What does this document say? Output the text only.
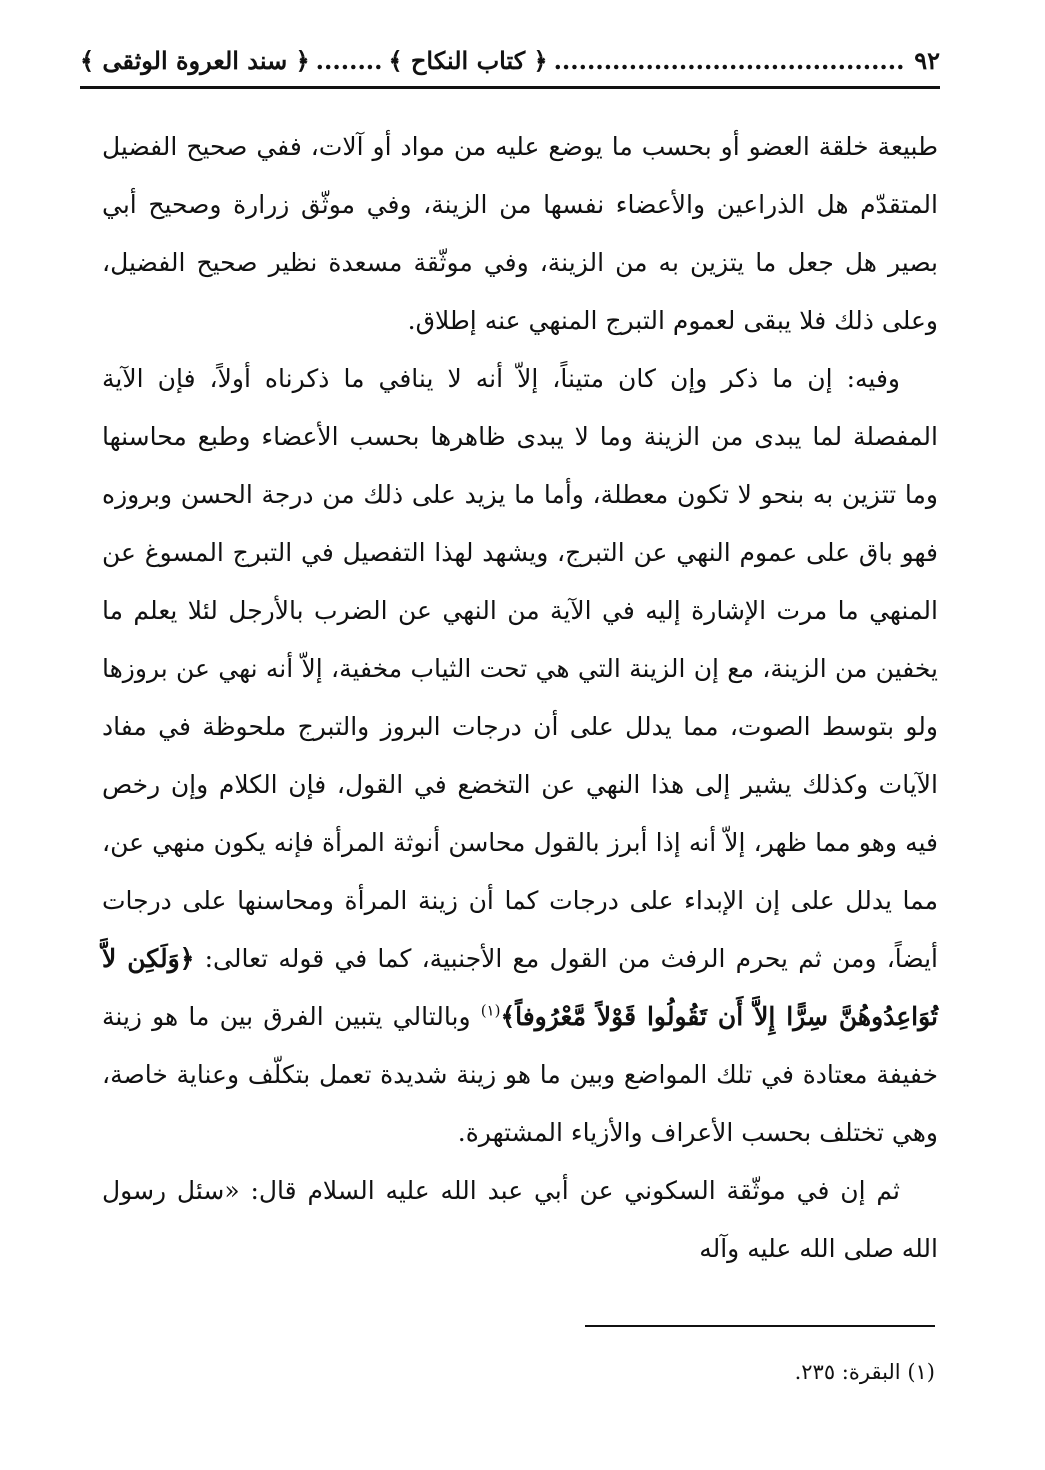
٩٢
..........................................
﴿ كتاب النكاح ﴾
........
﴿ سند العروة الوثقى ﴾

طبيعة خلقة العضو أو بحسب ما يوضع عليه من مواد أو آلات، ففي صحيح الفضيل المتقدّم هل الذراعين والأعضاء نفسها من الزينة، وفي موثّق زرارة وصحيح أبي بصير هل جعل ما يتزين به من الزينة، وفي موثّقة مسعدة نظير صحيح الفضيل، وعلى ذلك فلا يبقى لعموم التبرج المنهي عنه إطلاق.

وفيه: إن ما ذكر وإن كان متيناً، إلاّ أنه لا ينافي ما ذكرناه أولاً، فإن الآية المفصلة لما يبدى من الزينة وما لا يبدى ظاهرها بحسب الأعضاء وطبع محاسنها وما تتزين به بنحو لا تكون معطلة، وأما ما يزيد على ذلك من درجة الحسن وبروزه فهو باق على عموم النهي عن التبرج، ويشهد لهذا التفصيل في التبرج المسوغ عن المنهي ما مرت الإشارة إليه في الآية من النهي عن الضرب بالأرجل لئلا يعلم ما يخفين من الزينة، مع إن الزينة التي هي تحت الثياب مخفية، إلاّ أنه نهي عن بروزها ولو بتوسط الصوت، مما يدلل على أن درجات البروز والتبرج ملحوظة في مفاد الآيات وكذلك يشير إلى هذا النهي عن التخضع في القول، فإن الكلام وإن رخص فيه وهو مما ظهر، إلاّ أنه إذا أبرز بالقول محاسن أنوثة المرأة فإنه يكون منهي عن، مما يدلل على إن الإبداء على درجات كما أن زينة المرأة ومحاسنها على درجات أيضاً، ومن ثم يحرم الرفث من القول مع الأجنبية، كما في قوله تعالى: ﴿وَلَكِن لاَّ تُوَاعِدُوهُنَّ سِرًّا إِلاَّ أَن تَقُولُوا قَوْلاً مَّعْرُوفاً﴾$^{(١)}$ وبالتالي يتبين الفرق بين ما هو زينة خفيفة معتادة في تلك المواضع وبين ما هو زينة شديدة تعمل بتكلّف وعناية خاصة، وهي تختلف بحسب الأعراف والأزياء المشتهرة.

ثم إن في موثّقة السكوني عن أبي عبد الله‏ عليه السلام قال: «سئل رسول الله‏ صلى الله عليه وآله

(١) البقرة: ٢٣٥.
